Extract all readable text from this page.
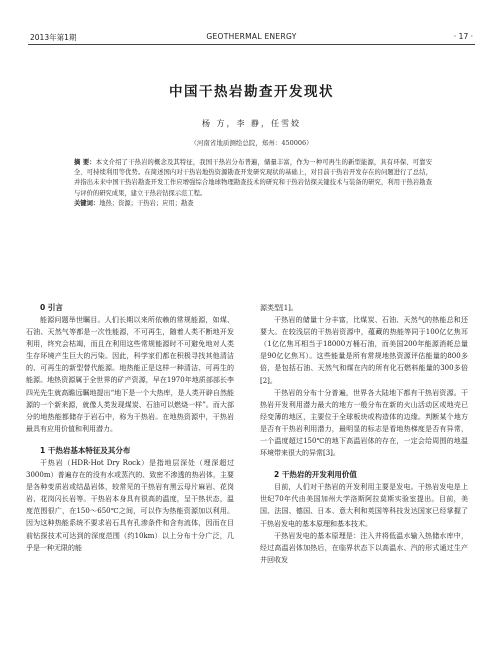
2013年第1期	GEOTHERMAL ENERGY	· 17 ·
中国干热岩勘查开发现状
杨 方，李 静，任雪姣
（河南省地质测绘总院，郑州：450006）
摘 要：本文介绍了干热岩的概念及其特征，我国干热岩分布普遍，储量丰富，作为一种可再生的新型能源，具有环保、可靠安全、可持续利用等优势。在简述国内对干热岩地热资源勘查开发研究现状的基础上，对目前干热岩开发存在的问题进行了总结，并指出未来中国干热岩勘查开发工作应增强综合地球物理勘查技术的研究和干热岩钻探关键技术与装备的研究，利用干热岩勘查与评价的研究成果，建立干热岩钻探示范工程。
关键词：地热；资源；干热岩；应用；勘查

0 引言

能源问题举世瞩目。人们长期以来所依赖的常规能源，如煤、石油、天然气等都是一次性能源，不可再生，随着人类不断地开发利用，终究会枯竭，而且在利用这些常规能源时不可避免地对人类生存环境产生巨大的污染。因此，科学家们都在积极寻找其他清洁的、可再生的新型替代能源。地热能正是这样一种清洁、可再生的能源。地热资源属于全世界的矿产资源，早在1970年地质部部长李四光先生就高瞻远瞩地提出“地下是一个大热库，是人类开辟自然能源的一个新来源，就像人类发现煤炭、石油可以燃烧一样”。而大部分的地热能都储存于岩石中，称为干热岩。在地热资源中，干热岩最具有应用价值和利用潜力。

1 干热岩基本特征及其分布

干热岩（HDR-Hot Dry Rock）是指地层深处（埋深超过3000m）普遍存在的没有水或蒸汽的、致密不渗透的热岩体，主要是各种变质岩或结晶岩体，较常见的干热岩有黑云母片麻岩、花岗岩、花岗闪长岩等。干热岩本身具有很高的温度，呈干热状态，温度范围很广，在150～650℃之间，可以作为热能资源加以利用。因为这种热能系统不要求岩石具有孔渗条件和含有流体，因而在目前钻探技术可达到的深度范围（约10km）以上分布十分广泛，几乎是一种无限的能

源类型[1]。

干热岩的储量十分丰富，比煤炭、石油、天然气的热能总和还要大。在较浅层的干热岩资源中，蕴藏的热能等同于100亿亿焦耳（1亿亿焦耳相当于18000万桶石油，而美国200年能源消耗总量是90亿亿焦耳）。这些能量是所有常规地热资源评估能量的800多倍，是包括石油、天然气和煤在内的所有化石燃料能量的300多倍[2]。

干热岩的分布十分普遍，世界各大陆地下都有干热岩资源。干热岩开发利用潜力最大的地方一般分布在新的火山活动区或地壳已经变薄的地区，主要位于全球板块或构造体的边缘。判断某个地方是否有干热岩利用潜力，最明显的标志是看地热梯度是否有异常，一个温度超过150℃的地下高温岩体的存在，一定会给周围的地温环境带来很大的异常[3]。

2 干热岩的开发利用价值

目前，人们对干热岩的开发利用主要是发电。干热岩发电是上世纪70年代由美国加州大学洛斯阿拉莫斯实验室提出。目前，美国、法国、德国、日本、意大利和英国等科技发达国家已经掌握了干热岩发电的基本原理和基本技术。

干热岩发电的基本原理是：注入井将低温水输入热储水库中，经过高温岩体加热后，在临界状态下以高温水、汽的形式通过生产井回收发
